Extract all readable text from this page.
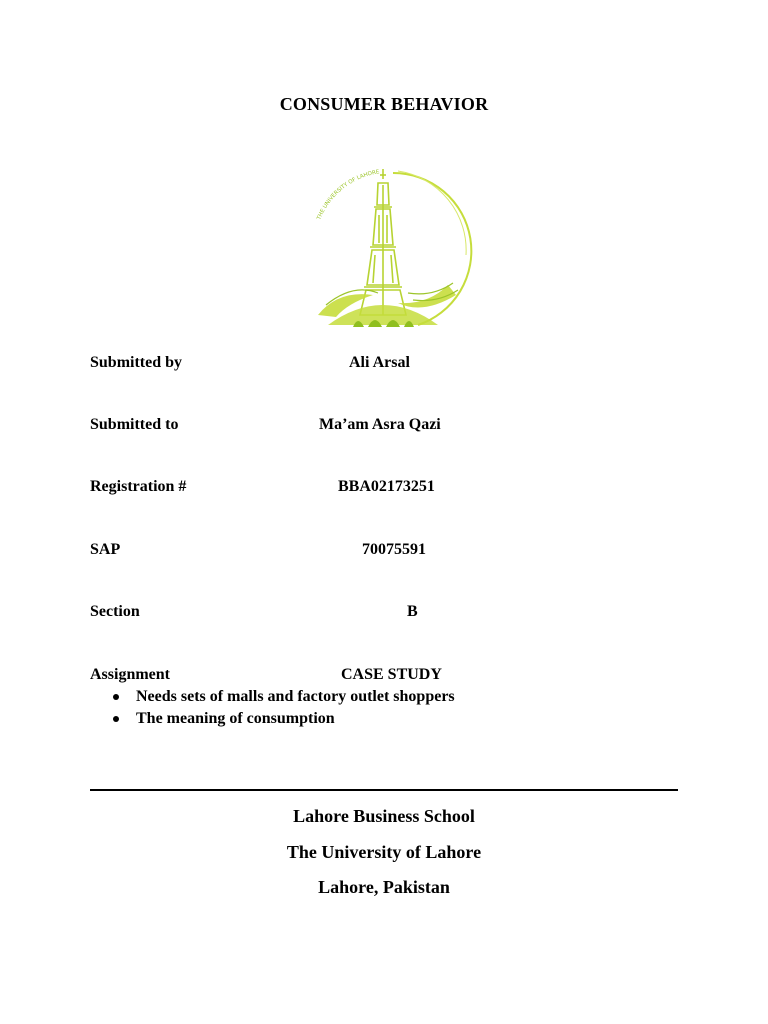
CONSUMER BEHAVIOR
THE UNIVERSITY OF LAHORE
Submitted by	Ali Arsal
Submitted to	Ma’am Asra Qazi
Registration #	BBA02173251
SAP	70075591
Section	B
Assignment	CASE STUDY
Needs sets of malls and factory outlet shoppers
The meaning of consumption
Lahore Business School
The University of Lahore
Lahore, Pakistan
